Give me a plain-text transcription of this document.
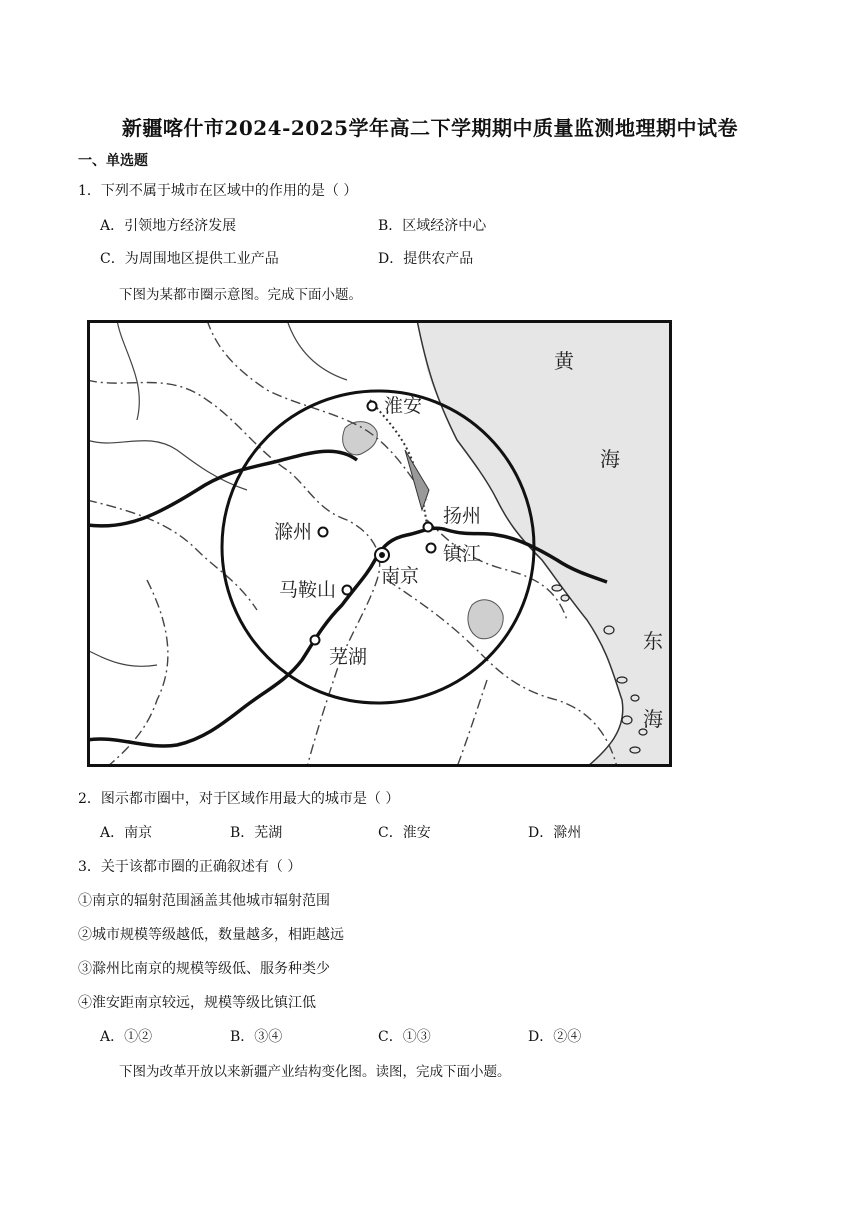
新疆喀什市2024-2025学年高二下学期期中质量监测地理期中试卷
一、单选题
1．下列不属于城市在区域中的作用的是（ ）
A．引领地方经济发展	B．区域经济中心
C．为周围地区提供工业产品	D．提供农产品
下图为某都市圈示意图。完成下面小题。
淮安
扬州
滁州
镇江
南京
马鞍山
芜湖
黄
海
东
海
2．图示都市圈中，对于区域作用最大的城市是（ ）
A．南京	B．芜湖	C．淮安	D．滁州
3．关于该都市圈的正确叙述有（ ）
①南京的辐射范围涵盖其他城市辐射范围
②城市规模等级越低，数量越多，相距越远
③滁州比南京的规模等级低、服务种类少
④淮安距南京较远，规模等级比镇江低
A．①②	B．③④	C．①③	D．②④
下图为改革开放以来新疆产业结构变化图。读图，完成下面小题。
